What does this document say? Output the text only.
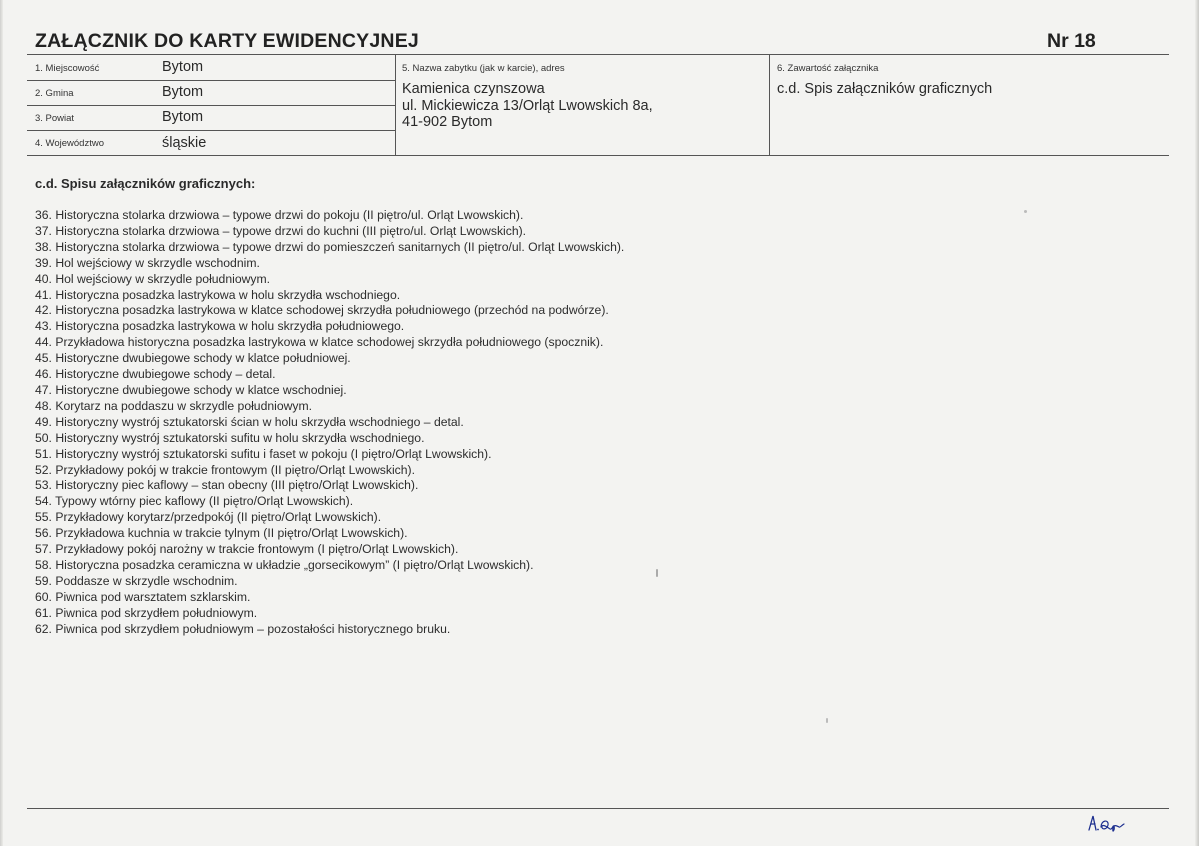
ZAŁĄCZNIK DO KARTY EWIDENCYJNEJ	Nr 18
1. Miejscowość	Bytom
2. Gmina	Bytom
3. Powiat	Bytom
4. Województwo	śląskie
5. Nazwa zabytku (jak w karcie), adres
Kamienica czynszowa
ul. Mickiewicza 13/Orląt Lwowskich 8a,
41-902 Bytom
6. Zawartość załącznika
c.d. Spis załączników graficznych
c.d. Spisu załączników graficznych:
36. Historyczna stolarka drzwiowa – typowe drzwi do pokoju (II piętro/ul. Orląt Lwowskich).
37. Historyczna stolarka drzwiowa – typowe drzwi do kuchni (III piętro/ul. Orląt Lwowskich).
38. Historyczna stolarka drzwiowa – typowe drzwi do pomieszczeń sanitarnych (II piętro/ul. Orląt Lwowskich).
39. Hol wejściowy w skrzydle wschodnim.
40. Hol wejściowy w skrzydle południowym.
41. Historyczna posadzka lastrykowa w holu skrzydła wschodniego.
42. Historyczna posadzka lastrykowa w klatce schodowej skrzydła południowego (przechód na podwórze).
43. Historyczna posadzka lastrykowa w holu skrzydła południowego.
44. Przykładowa historyczna posadzka lastrykowa w klatce schodowej skrzydła południowego (spocznik).
45. Historyczne dwubiegowe schody w klatce południowej.
46. Historyczne dwubiegowe schody – detal.
47. Historyczne dwubiegowe schody w klatce wschodniej.
48. Korytarz na poddaszu w skrzydle południowym.
49. Historyczny wystrój sztukatorski ścian w holu skrzydła wschodniego – detal.
50. Historyczny wystrój sztukatorski sufitu w holu skrzydła wschodniego.
51. Historyczny wystrój sztukatorski sufitu i faset w pokoju (I piętro/Orląt Lwowskich).
52. Przykładowy pokój w trakcie frontowym (II piętro/Orląt Lwowskich).
53. Historyczny piec kaflowy – stan obecny (III piętro/Orląt Lwowskich).
54. Typowy wtórny piec kaflowy (II piętro/Orląt Lwowskich).
55. Przykładowy korytarz/przedpokój (II piętro/Orląt Lwowskich).
56. Przykładowa kuchnia w trakcie tylnym (II piętro/Orląt Lwowskich).
57. Przykładowy pokój narożny w trakcie frontowym (I piętro/Orląt Lwowskich).
58. Historyczna posadzka ceramiczna w układzie „gorsecikowym” (I piętro/Orląt Lwowskich).
59. Poddasze w skrzydle wschodnim.
60. Piwnica pod warsztatem szklarskim.
61. Piwnica pod skrzydłem południowym.
62. Piwnica pod skrzydłem południowym – pozostałości historycznego bruku.
